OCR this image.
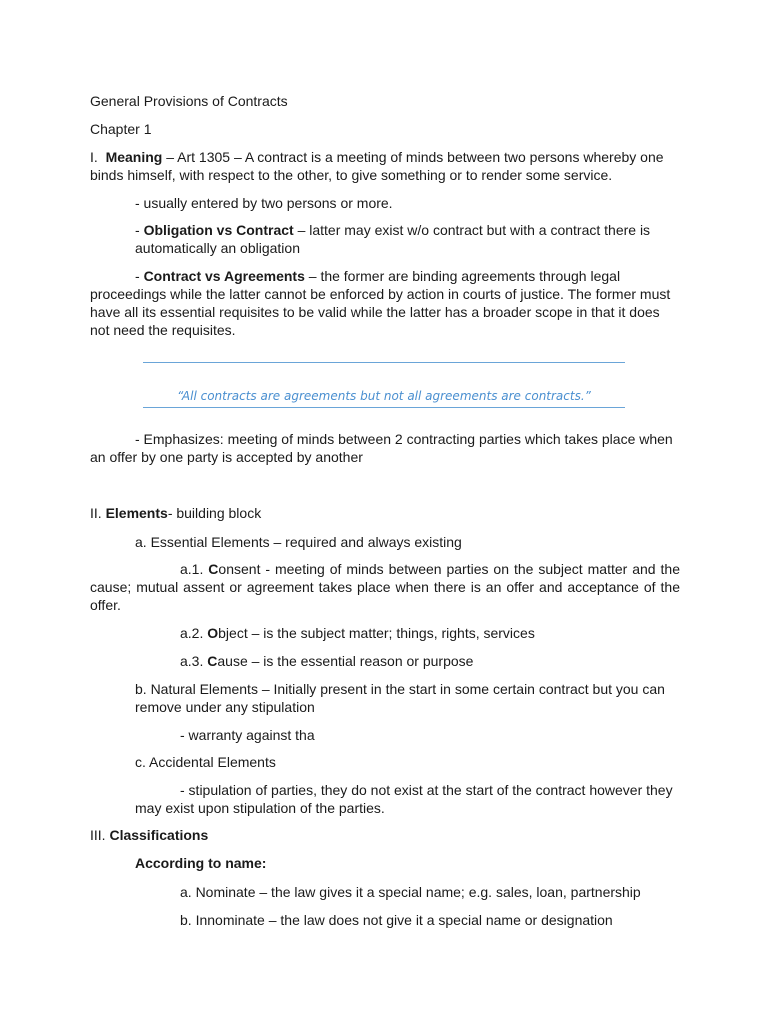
General Provisions of Contracts

Chapter 1

I. Meaning – Art 1305 – A contract is a meeting of minds between two persons whereby one binds himself, with respect to the other, to give something or to render some service.

- usually entered by two persons or more.

- Obligation vs Contract – latter may exist w/o contract but with a contract there is automatically an obligation

- Contract vs Agreements – the former are binding agreements through legal proceedings while the latter cannot be enforced by action in courts of justice. The former must have all its essential requisites to be valid while the latter has a broader scope in that it does not need the requisites.

“All contracts are agreements but not all agreements are contracts.”

- Emphasizes: meeting of minds between 2 contracting parties which takes place when an offer by one party is accepted by another

II. Elements- building block

a. Essential Elements – required and always existing

a.1. Consent - meeting of minds between parties on the subject matter and the cause; mutual assent or agreement takes place when there is an offer and acceptance of the offer.

a.2. Object – is the subject matter; things, rights, services

a.3. Cause – is the essential reason or purpose

b. Natural Elements – Initially present in the start in some certain contract but you can remove under any stipulation

- warranty against tha

c. Accidental Elements

- stipulation of parties, they do not exist at the start of the contract however they may exist upon stipulation of the parties.

III. Classifications

According to name:

a. Nominate – the law gives it a special name; e.g. sales, loan, partnership

b. Innominate – the law does not give it a special name or designation
